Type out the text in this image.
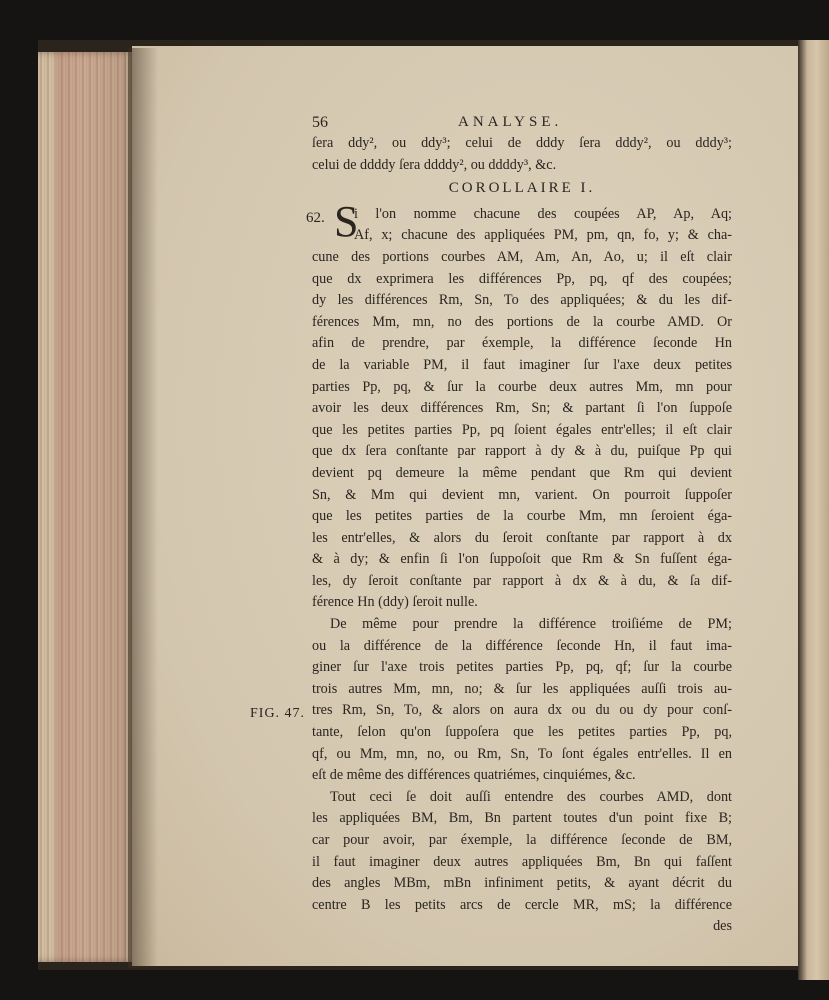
FIG. 47.
56	ANALYSE.
ſera ddy², ou ddy³; celui de dddy ſera dddy², ou dddy³;
celui de ddddy ſera ddddy², ou ddddy³, &c.
COROLLAIRE I.
62. S
i l'on nomme chacune des coupées AP, Ap, Aq;
Af, x; chacune des appliquées PM, pm, qn, fo, y; & cha-
cune des portions courbes AM, Am, An, Ao, u; il eſt clair
que dx exprimera les différences Pp, pq, qf des coupées;
dy les différences Rm, Sn, To des appliquées; & du les dif-
férences Mm, mn, no des portions de la courbe AMD. Or
afin de prendre, par éxemple, la différence ſeconde Hn
de la variable PM, il faut imaginer ſur l'axe deux petites
parties Pp, pq, & ſur la courbe deux autres Mm, mn pour
avoir les deux différences Rm, Sn; & partant ſi l'on ſuppoſe
que les petites parties Pp, pq ſoient égales entr'elles; il eſt clair
que dx ſera conſtante par rapport à dy & à du, puiſque Pp qui
devient pq demeure la même pendant que Rm qui devient
Sn, & Mm qui devient mn, varient. On pourroit ſuppoſer
que les petites parties de la courbe Mm, mn ſeroient éga-
les entr'elles, & alors du ſeroit conſtante par rapport à dx
& à dy; & enfin ſi l'on ſuppoſoit que Rm & Sn fuſſent éga-
les, dy ſeroit conſtante par rapport à dx & à du, & ſa dif-
férence Hn (ddy) ſeroit nulle.
De même pour prendre la différence troiſiéme de PM;
ou la différence de la différence ſeconde Hn, il faut ima-
giner ſur l'axe trois petites parties Pp, pq, qf; ſur la courbe
trois autres Mm, mn, no; & ſur les appliquées auſſi trois au-
tres Rm, Sn, To, & alors on aura dx ou du ou dy pour conſ-
tante, ſelon qu'on ſuppoſera que les petites parties Pp, pq,
qf, ou Mm, mn, no, ou Rm, Sn, To ſont égales entr'elles. Il en
eſt de même des différences quatriémes, cinquiémes, &c.
Tout ceci ſe doit auſſi entendre des courbes AMD, dont
les appliquées BM, Bm, Bn partent toutes d'un point fixe B;
car pour avoir, par éxemple, la différence ſeconde de BM,
il faut imaginer deux autres appliquées Bm, Bn qui faſſent
des angles MBm, mBn infiniment petits, & ayant décrit du
centre B les petits arcs de cercle MR, mS; la différence
des
